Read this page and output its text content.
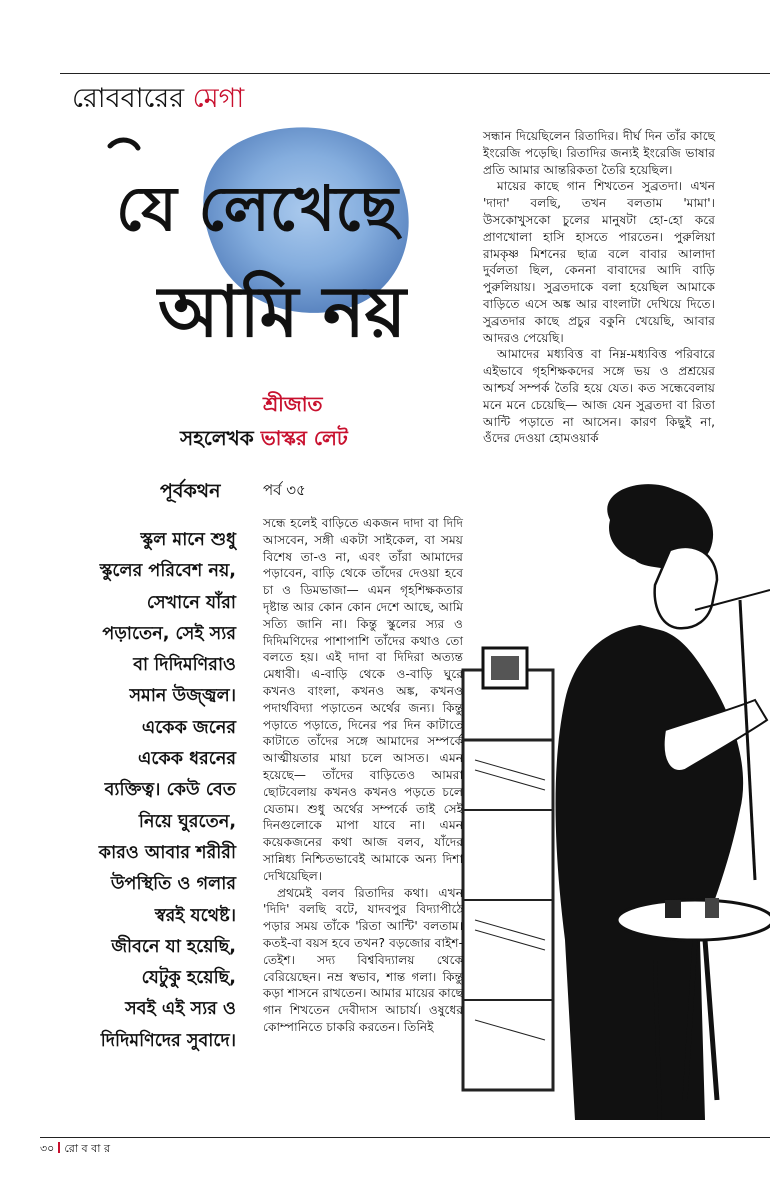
রোববারের মেগা
যে লেখেছে
আমি নয়
শ্রীজাত
সহলেখক ভাস্কর লেট
পূর্বকথন	পর্ব ৩৫
স্কুল মানে শুধু
স্কুলের পরিবেশ নয়,
সেখানে যাঁরা
পড়াতেন, সেই স্যর
বা দিদিমণিরাও
সমান উজ্জ্বল।
একেক জনের
একেক ধরনের
ব্যক্তিত্ব। কেউ বেত
নিয়ে ঘুরতেন,
কারও আবার শরীরী
উপস্থিতি ও গলার
স্বরই যথেষ্ট।
জীবনে যা হয়েছি,
যেটুকু হয়েছি,
সবই এই স্যর ও
দিদিমণিদের সুবাদে।

সন্ধে হলেই বাড়িতে একজন দাদা বা দিদি আসবেন, সঙ্গী একটা সাইকেল, বা সময় বিশেষ তা-ও না, এবং তাঁরা আমাদের পড়াবেন, বাড়ি থেকে তাঁদের দেওয়া হবে চা ও ডিমভাজা— এমন গৃহশিক্ষকতার দৃষ্টান্ত আর কোন কোন দেশে আছে, আমি সত্যি জানি না। কিন্তু স্কুলের স্যর ও দিদিমণিদের পাশাপাশি তাঁদের কথাও তো বলতে হয়। এই দাদা বা দিদিরা অত্যন্ত মেধাবী। এ-বাড়ি থেকে ও-বাড়ি ঘুরে কখনও বাংলা, কখনও অঙ্ক, কখনও পদার্থবিদ্যা পড়াতেন অর্থের জন্য। কিন্তু পড়াতে পড়াতে, দিনের পর দিন কাটাতে কাটাতে তাঁদের সঙ্গে আমাদের সম্পর্কে আত্মীয়তার মায়া চলে আসত। এমন হয়েছে— তাঁদের বাড়িতেও আমরা ছোটবেলায় কখনও কখনও পড়তে চলে যেতাম। শুধু অর্থের সম্পর্কে তাই সেই দিনগুলোকে মাপা যাবে না। এমন কয়েকজনের কথা আজ বলব, যাঁদের সান্নিধ্য নিশ্চিতভাবেই আমাকে অন্য দিশা দেখিয়েছিল।

প্রথমেই বলব রিতাদির কথা। এখন 'দিদি' বলছি বটে, যাদবপুর বিদ্যাপীঠে পড়ার সময় তাঁকে 'রিতা আন্টি' বলতাম। কতই-বা বয়স হবে তখন? বড়জোর বাইশ-তেইশ। সদ্য বিশ্ববিদ্যালয় থেকে বেরিয়েছেন। নম্র স্বভাব, শান্ত গলা। কিন্তু কড়া শাসনে রাখতেন। আমার মায়ের কাছে গান শিখতেন দেবীদাস আচার্য। ওষুধের কোম্পানিতে চাকরি করতেন। তিনিই

সন্ধান দিয়েছিলেন রিতাদির। দীর্ঘ দিন তাঁর কাছে ইংরেজি পড়েছি। রিতাদির জন্যই ইংরেজি ভাষার প্রতি আমার আন্তরিকতা তৈরি হয়েছিল।

মায়ের কাছে গান শিখতেন সুব্রতদা। এখন 'দাদা' বলছি, তখন বলতাম 'মামা'। উসকোখুসকো চুলের মানুষটা হো-হো করে প্রাণখোলা হাসি হাসতে পারতেন। পুরুলিয়া রামকৃষ্ণ মিশনের ছাত্র বলে বাবার আলাদা দুর্বলতা ছিল, কেননা বাবাদের আদি বাড়ি পুরুলিয়ায়। সুব্রতদাকে বলা হয়েছিল আমাকে বাড়িতে এসে অঙ্ক আর বাংলাটা দেখিয়ে দিতে। সুব্রতদার কাছে প্রচুর বকুনি খেয়েছি, আবার আদরও পেয়েছি।

আমাদের মধ্যবিত্ত বা নিম্ন-মধ্যবিত্ত পরিবারে এইভাবে গৃহশিক্ষকদের সঙ্গে ভয় ও প্রশ্রয়ের আশ্চর্য সম্পর্ক তৈরি হয়ে যেত। কত সন্ধেবেলায় মনে মনে চেয়েছি— আজ যেন সুব্রতদা বা রিতা আন্টি পড়াতে না আসেন। কারণ কিছুই না, ওঁদের দেওয়া হোমওয়ার্ক

৩০ রো ব বা র
